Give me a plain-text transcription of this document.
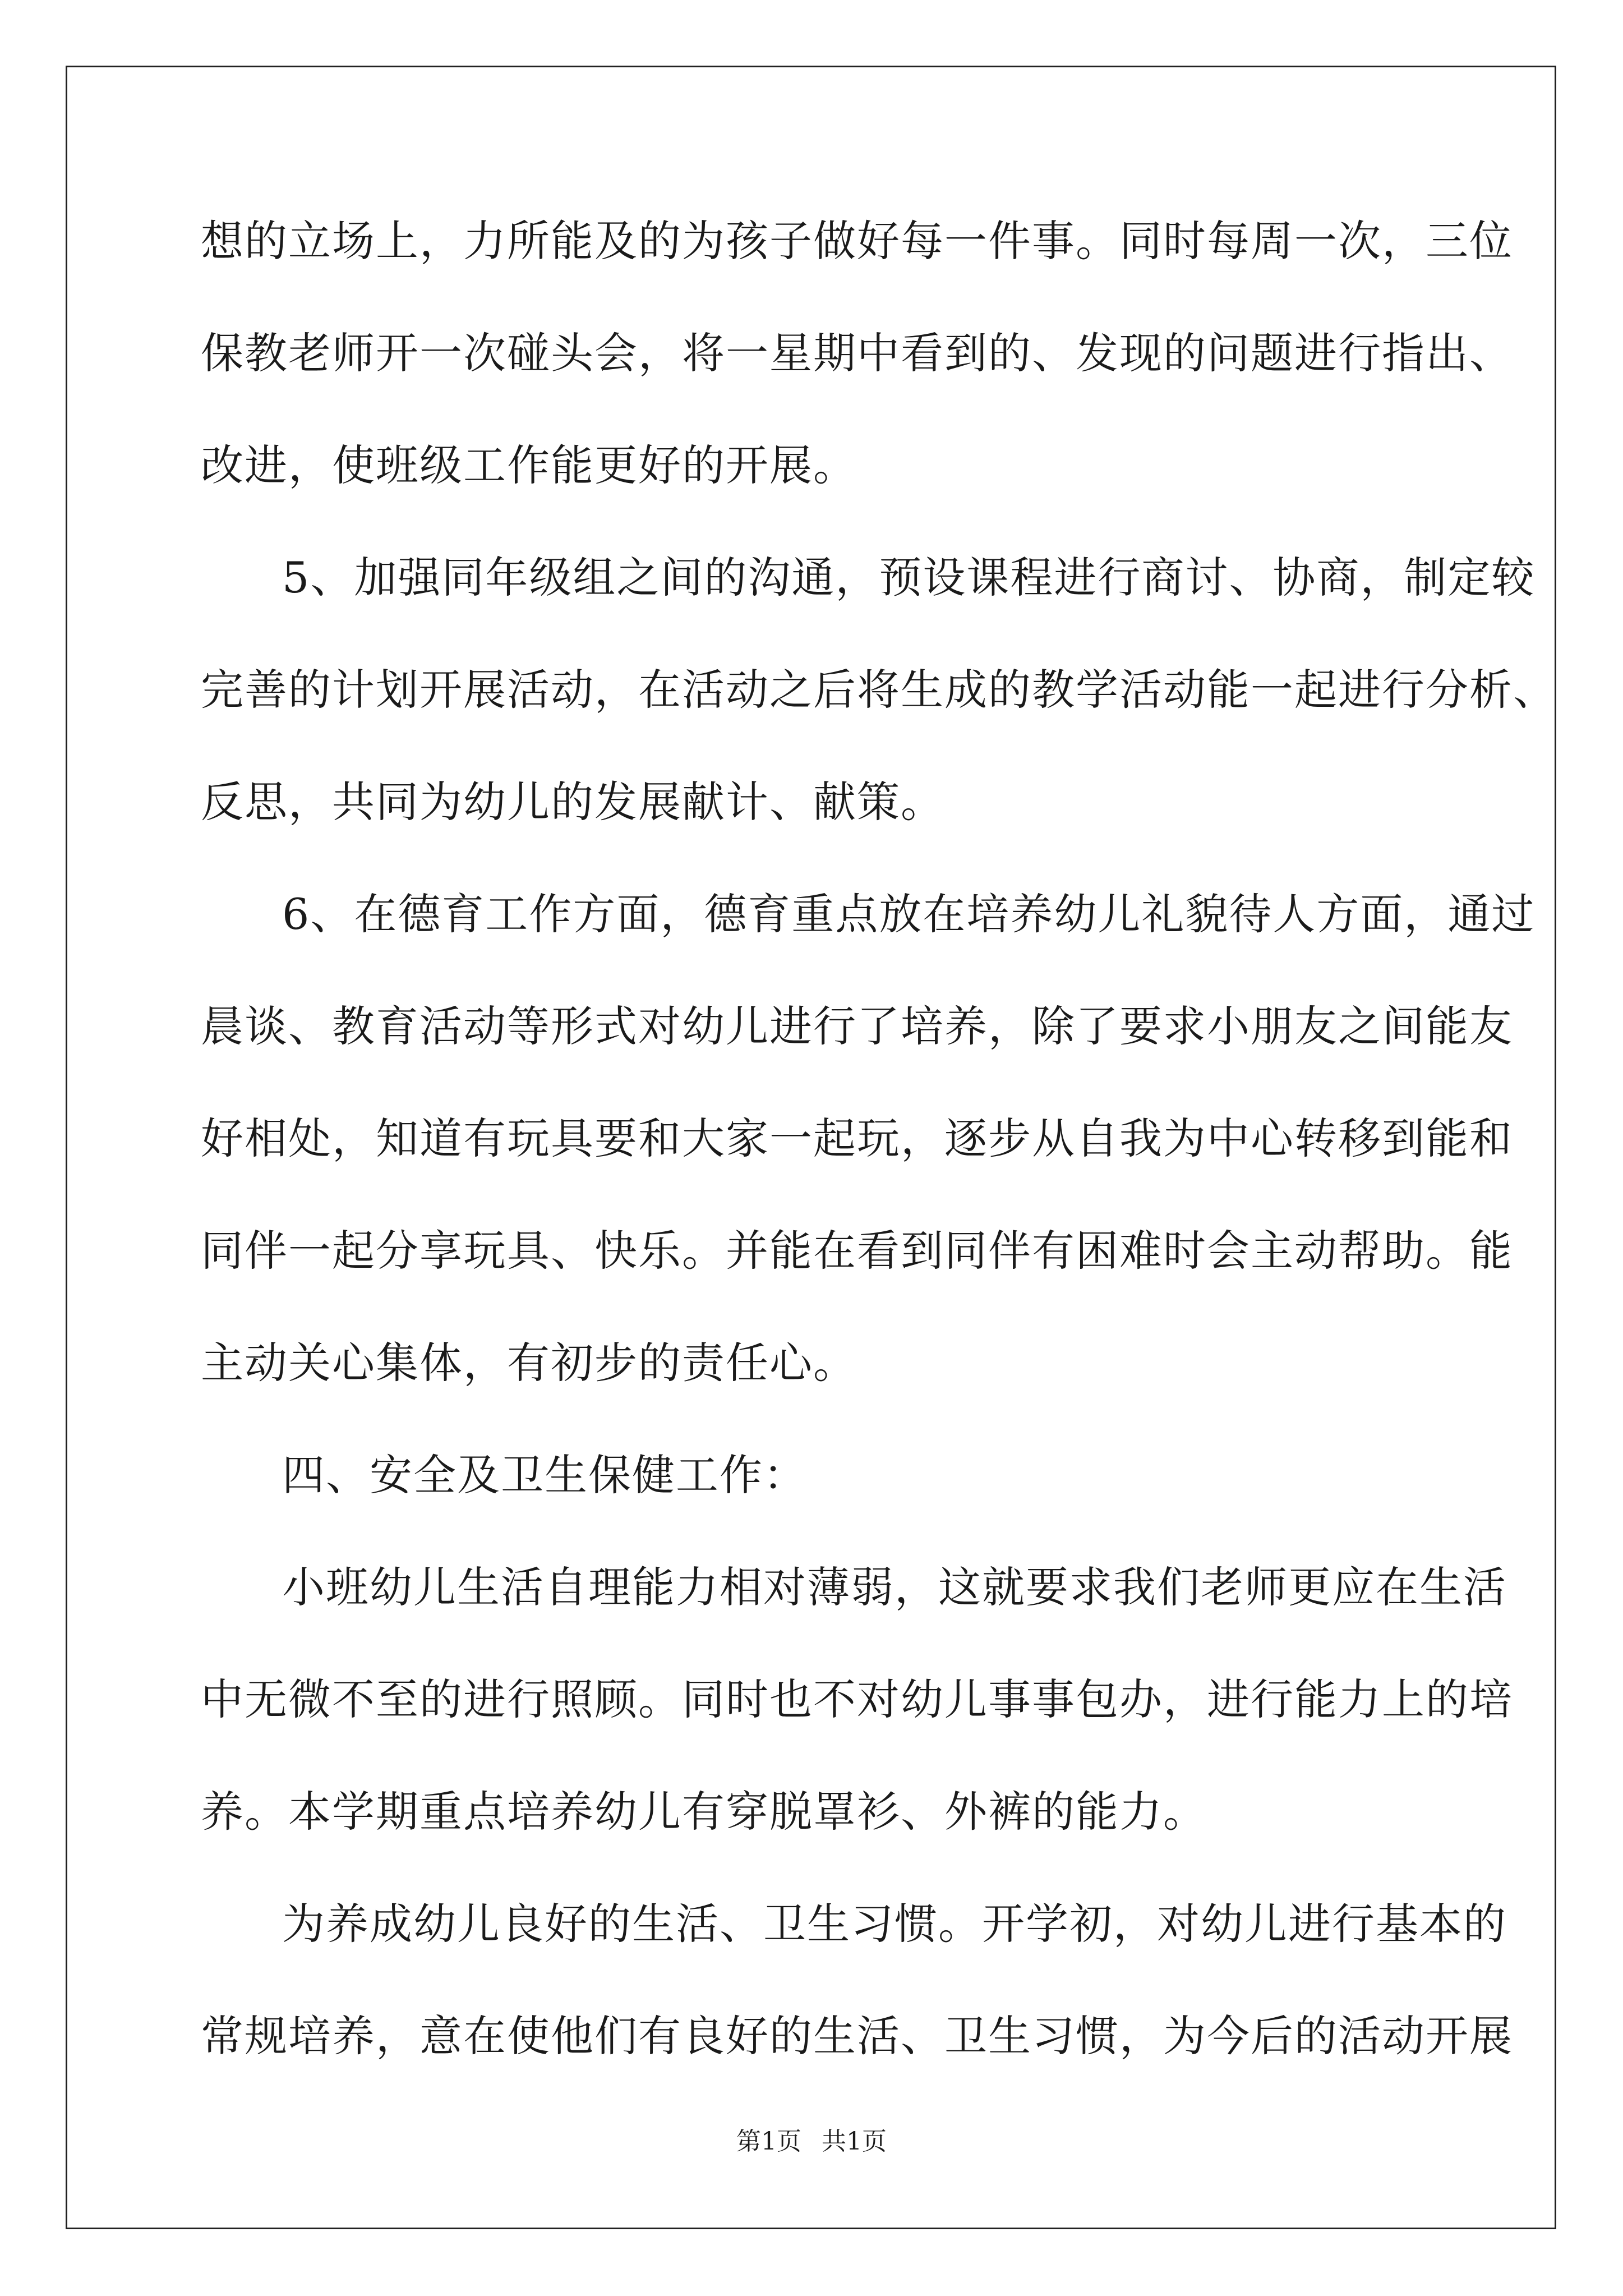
想的立场上，力所能及的为孩子做好每一件事。同时每周一次，三位
保教老师开一次碰头会，将一星期中看到的、发现的问题进行指出、
改进，使班级工作能更好的开展。
5、加强同年级组之间的沟通，预设课程进行商讨、协商，制定较
完善的计划开展活动，在活动之后将生成的教学活动能一起进行分析、
反思，共同为幼儿的发展献计、献策。
6、在德育工作方面，德育重点放在培养幼儿礼貌待人方面，通过
晨谈、教育活动等形式对幼儿进行了培养，除了要求小朋友之间能友
好相处，知道有玩具要和大家一起玩，逐步从自我为中心转移到能和
同伴一起分享玩具、快乐。并能在看到同伴有困难时会主动帮助。能
主动关心集体，有初步的责任心。
四、安全及卫生保健工作：
小班幼儿生活自理能力相对薄弱，这就要求我们老师更应在生活
中无微不至的进行照顾。同时也不对幼儿事事包办，进行能力上的培
养。本学期重点培养幼儿有穿脱罩衫、外裤的能力。
为养成幼儿良好的生活、卫生习惯。开学初，对幼儿进行基本的
常规培养，意在使他们有良好的生活、卫生习惯，为今后的活动开展
第1页 共1页
